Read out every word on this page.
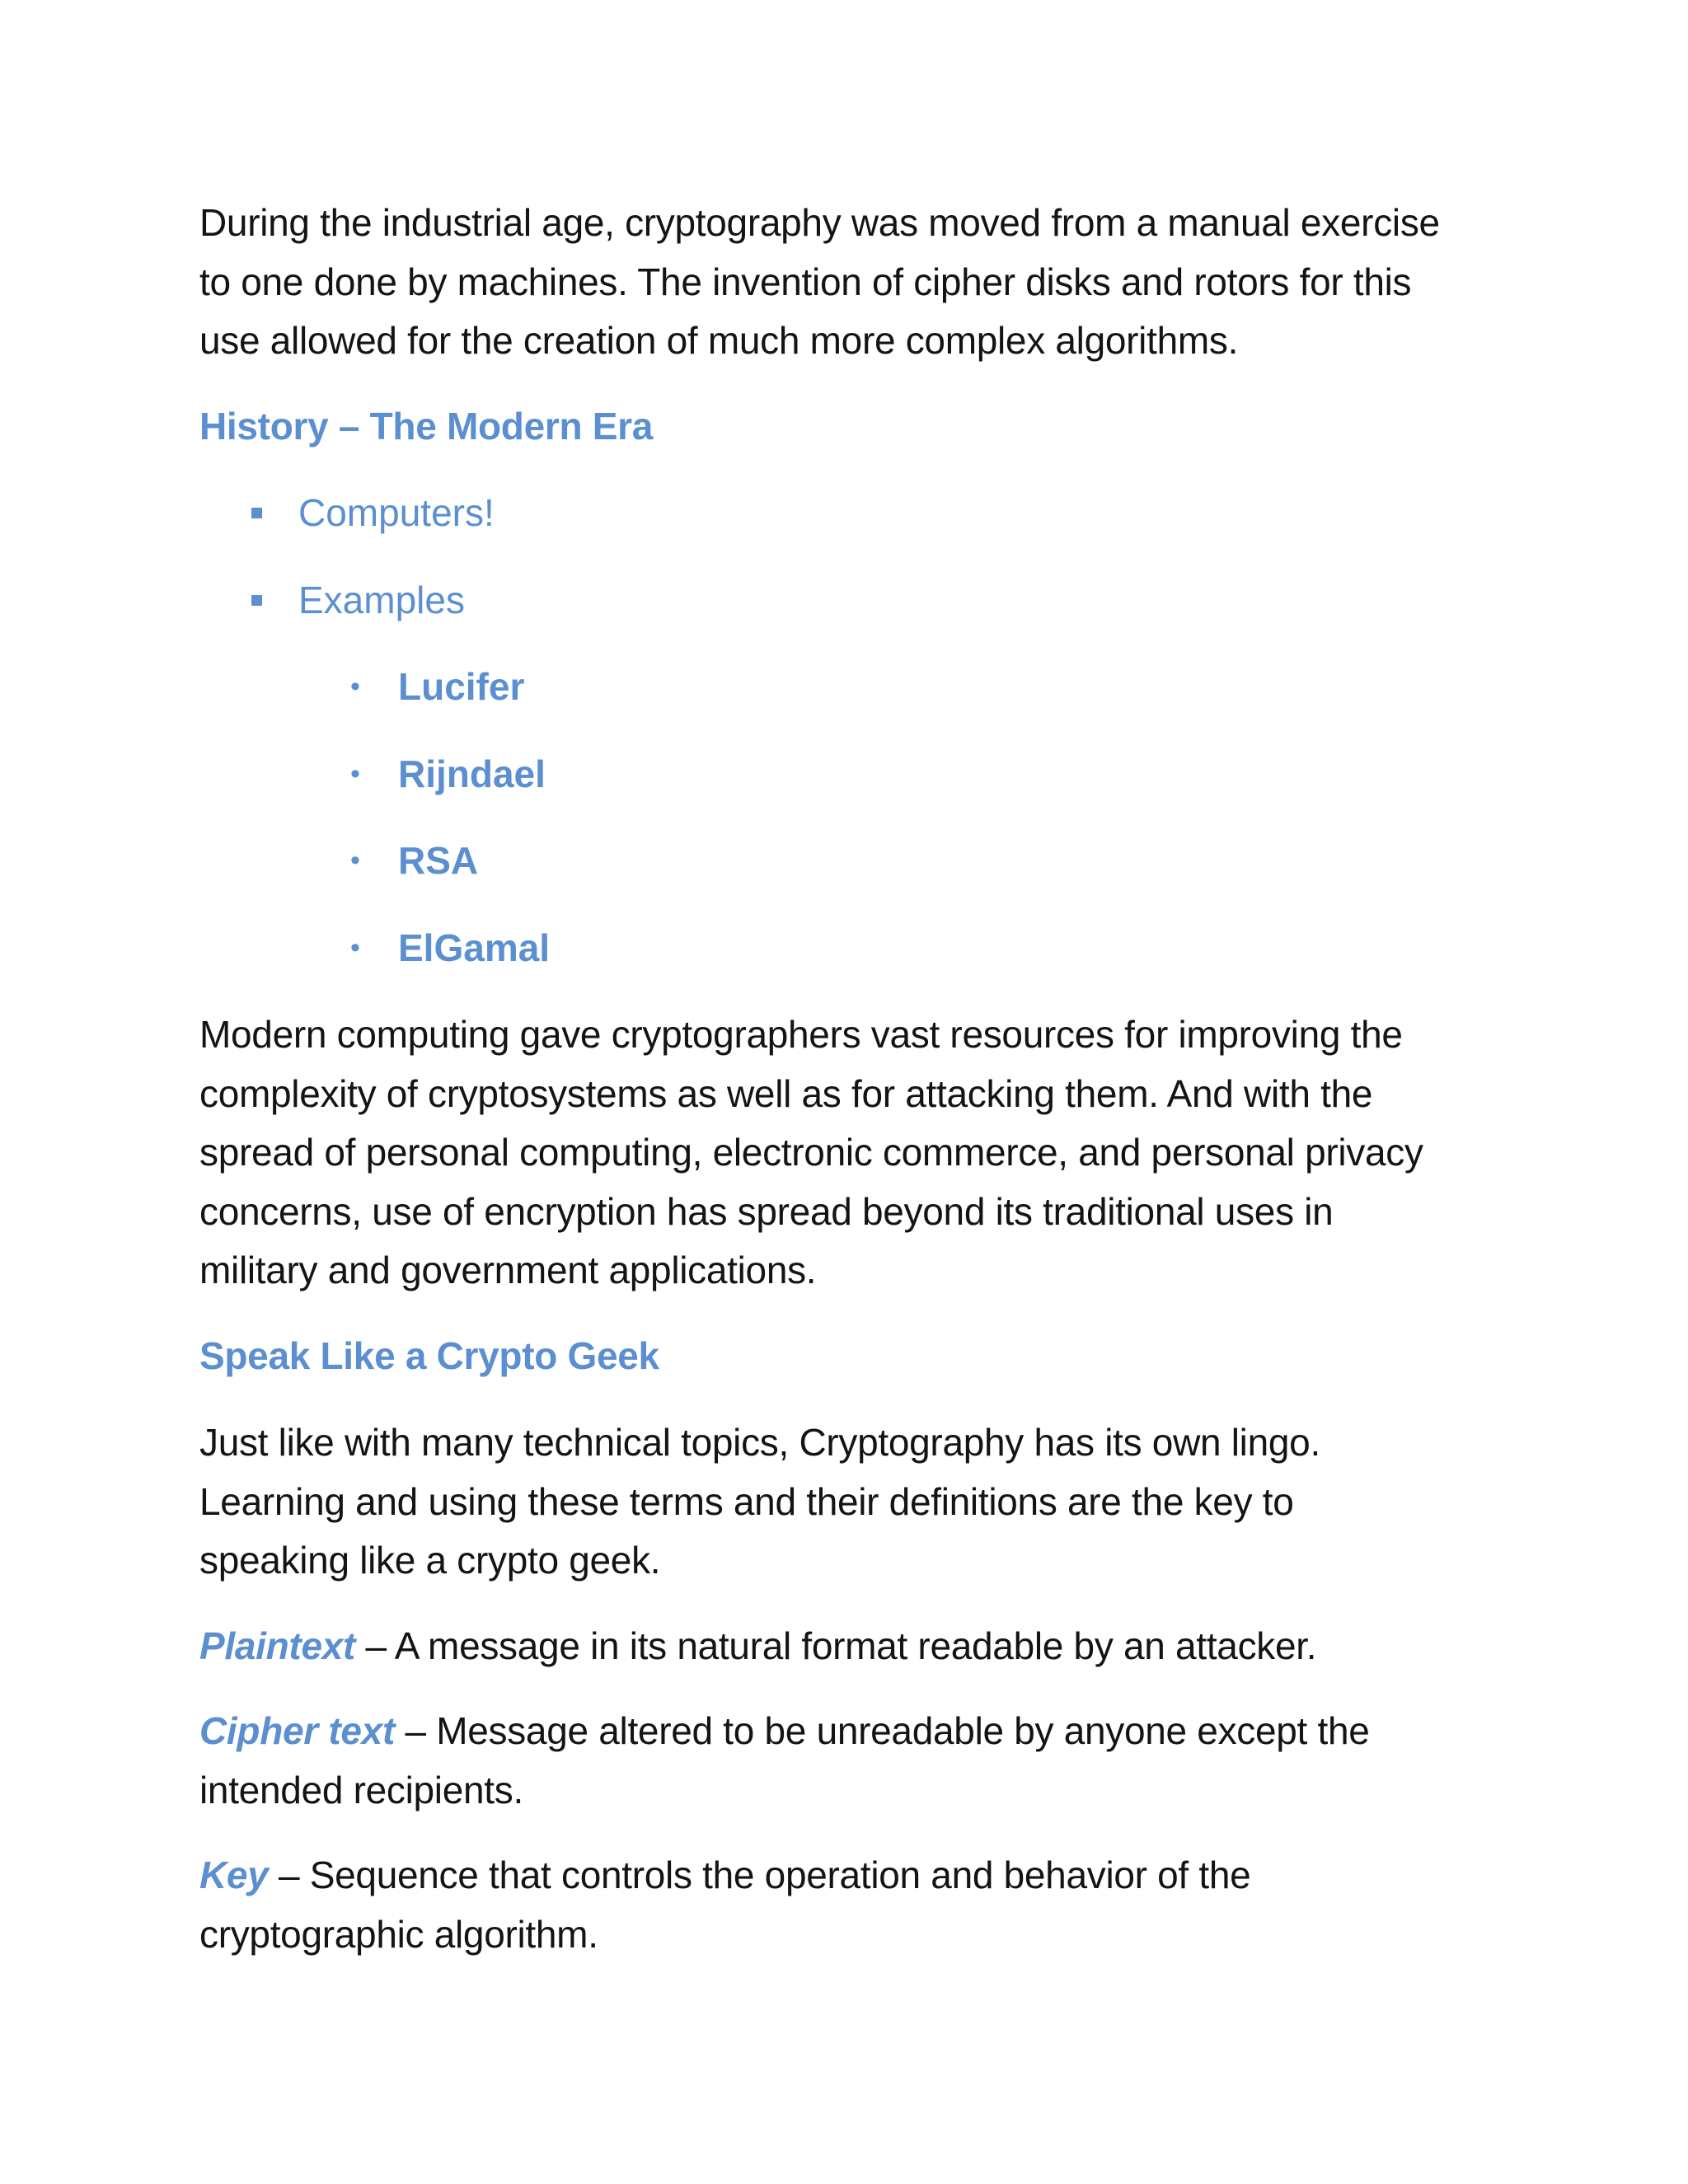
During the industrial age, cryptography was moved from a manual exercise
to one done by machines. The invention of cipher disks and rotors for this
use allowed for the creation of much more complex algorithms.

History – The Modern Era
Computers!
Examples
• Lucifer
• Rijndael
• RSA
• ElGamal

Modern computing gave cryptographers vast resources for improving the
complexity of cryptosystems as well as for attacking them. And with the
spread of personal computing, electronic commerce, and personal privacy
concerns, use of encryption has spread beyond its traditional uses in
military and government applications.

Speak Like a Crypto Geek

Just like with many technical topics, Cryptography has its own lingo.
Learning and using these terms and their definitions are the key to
speaking like a crypto geek.

Plaintext – A message in its natural format readable by an attacker.

Cipher text – Message altered to be unreadable by anyone except the
intended recipients.

Key – Sequence that controls the operation and behavior of the
cryptographic algorithm.
